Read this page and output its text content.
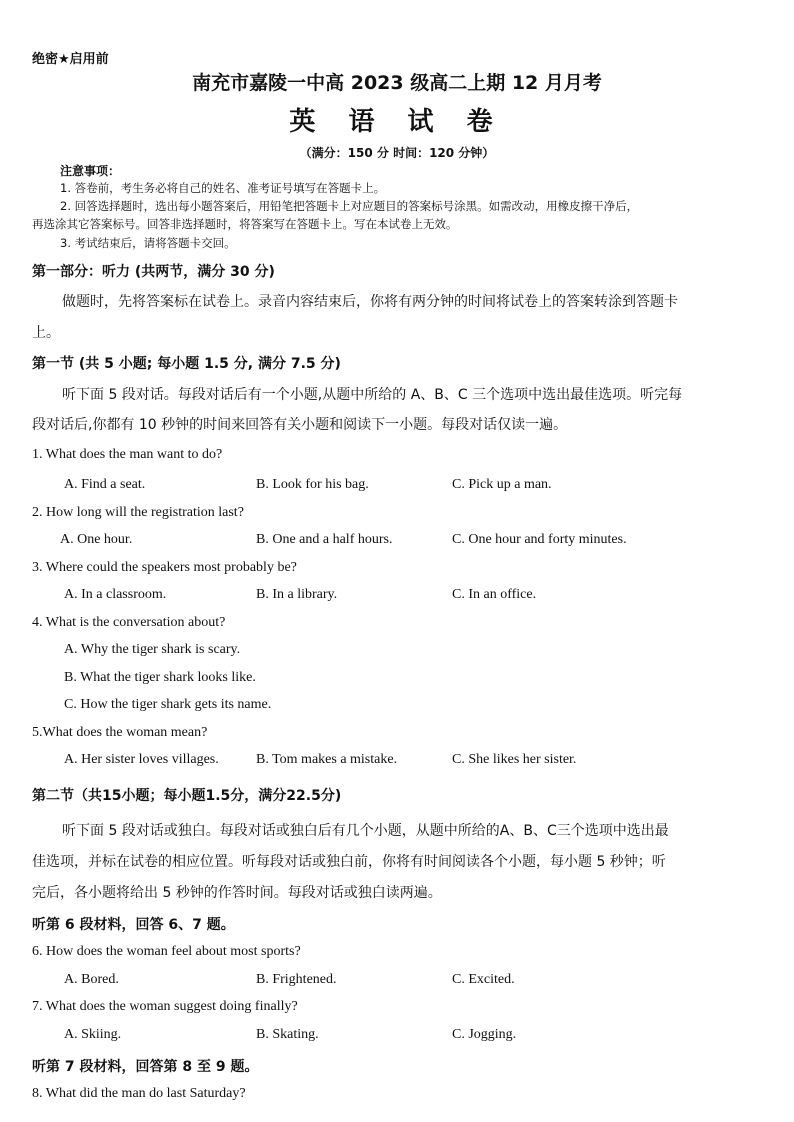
绝密★启用前
南充市嘉陵一中高 2023 级高二上期 12 月月考
英 语 试 卷
（满分：150 分 时间：120 分钟）
注意事项：
1. 答卷前，考生务必将自己的姓名、准考证号填写在答题卡上。
2. 回答选择题时，选出每小题答案后，用铅笔把答题卡上对应题目的答案标号涂黑。如需改动，用橡皮擦干净后，
再选涂其它答案标号。回答非选择题时，将答案写在答题卡上。写在本试卷上无效。
3. 考试结束后，请将答题卡交回。
第一部分：听力 (共两节，满分 30 分)
做题时，先将答案标在试卷上。录音内容结束后，你将有两分钟的时间将试卷上的答案转涂到答题卡
上。
第一节 (共 5 小题; 每小题 1.5 分, 满分 7.5 分)
听下面 5 段对话。每段对话后有一个小题,从题中所给的 A、B、C 三个选项中选出最佳选项。听完每
段对话后,你都有 10 秒钟的时间来回答有关小题和阅读下一小题。每段对话仅读一遍。
1. What does the man want to do?
A. Find a seat.	B. Look for his bag.	C. Pick up a man.
2. How long will the registration last?
A. One hour.	B. One and a half hours.	C. One hour and forty minutes.
3. Where could the speakers most probably be?
A. In a classroom.	B. In a library.	C. In an office.
4. What is the conversation about?
A. Why the tiger shark is scary.
B. What the tiger shark looks like.
C. How the tiger shark gets its name.
5.What does the woman mean?
A. Her sister loves villages.	B. Tom makes a mistake.	C. She likes her sister.
第二节（共15小题；每小题1.5分，满分22.5分)
听下面 5 段对话或独白。每段对话或独白后有几个小题，从题中所给的A、B、C三个选项中选出最
佳选项，并标在试卷的相应位置。听每段对话或独白前，你将有时间阅读各个小题，每小题 5 秒钟；听
完后，各小题将给出 5 秒钟的作答时间。每段对话或独白读两遍。
听第 6 段材料，回答 6、7 题。
6. How does the woman feel about most sports?
A. Bored.	B. Frightened.	C. Excited.
7. What does the woman suggest doing finally?
A. Skiing.	B. Skating.	C. Jogging.
听第 7 段材料，回答第 8 至 9 题。
8. What did the man do last Saturday?
